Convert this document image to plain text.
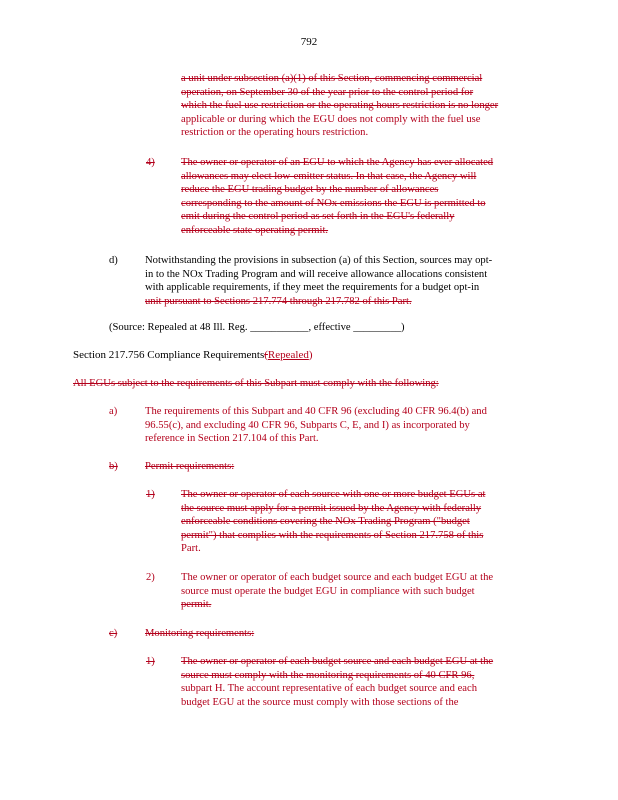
792
a unit under subsection (a)(1) of this Section, commencing commercial
operation, on September 30 of the year prior to the control period for
which the fuel use restriction or the operating hours restriction is no longer
applicable or during which the EGU does not comply with the fuel use
restriction or the operating hours restriction.
4) The owner or operator of an EGU to which the Agency has ever allocated
allowances may elect low-emitter status. In that case, the Agency will
reduce the EGU trading budget by the number of allowances
corresponding to the amount of NOx emissions the EGU is permitted to
emit during the control period as set forth in the EGU's federally
enforceable state operating permit.
d)	Notwithstanding the provisions in subsection (a) of this Section, sources may opt-
in to the NOx Trading Program and will receive allowance allocations consistent
with applicable requirements, if they meet the requirements for a budget opt-in
unit pursuant to Sections 217.774 through 217.782 of this Part.
(Source: Repealed at 48 Ill. Reg. ___________, effective _________)
Section 217.756 Compliance Requirements(Repealed)
All EGUs subject to the requirements of this Subpart must comply with the following:
a)	The requirements of this Subpart and 40 CFR 96 (excluding 40 CFR 96.4(b) and
96.55(c), and excluding 40 CFR 96, Subparts C, E, and I) as incorporated by
reference in Section 217.104 of this Part.
b)	Permit requirements:
1) The owner or operator of each source with one or more budget EGUs at
the source must apply for a permit issued by the Agency with federally
enforceable conditions covering the NOx Trading Program ("budget
permit") that complies with the requirements of Section 217.758 of this
Part.
2) The owner or operator of each budget source and each budget EGU at the
source must operate the budget EGU in compliance with such budget
permit.
c)	Monitoring requirements:
1) The owner or operator of each budget source and each budget EGU at the
source must comply with the monitoring requirements of 40 CFR 96,
subpart H. The account representative of each budget source and each
budget EGU at the source must comply with those sections of the
